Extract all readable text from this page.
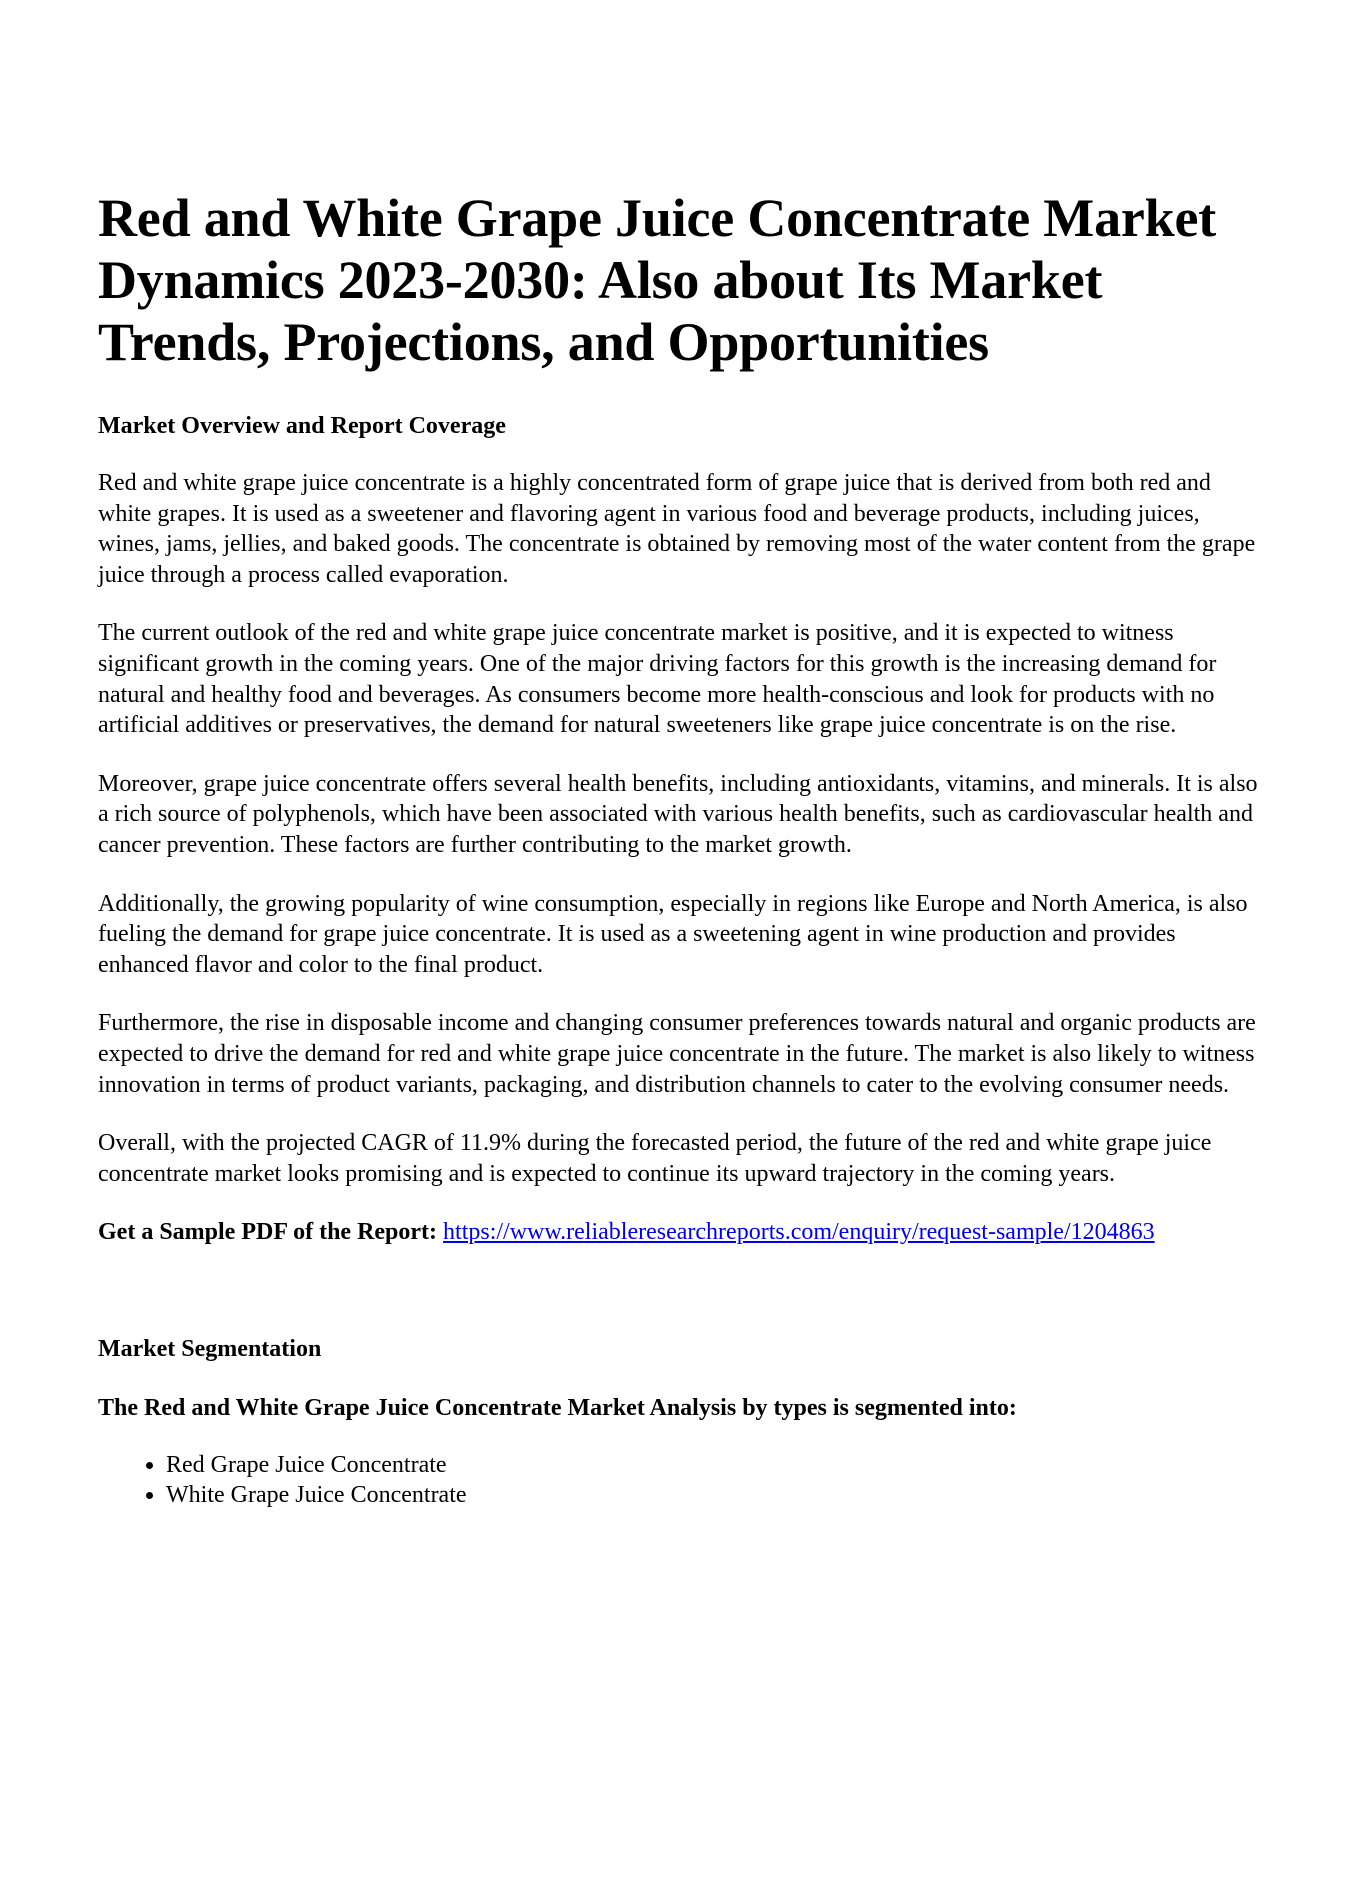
Red and White Grape Juice Concentrate Market Dynamics 2023-2030: Also about Its Market Trends, Projections, and Opportunities
Market Overview and Report Coverage

Red and white grape juice concentrate is a highly concentrated form of grape juice that is derived from both red and white grapes. It is used as a sweetener and flavoring agent in various food and beverage products, including juices, wines, jams, jellies, and baked goods. The concentrate is obtained by removing most of the water content from the grape juice through a process called evaporation.

The current outlook of the red and white grape juice concentrate market is positive, and it is expected to witness significant growth in the coming years. One of the major driving factors for this growth is the increasing demand for natural and healthy food and beverages. As consumers become more health-conscious and look for products with no artificial additives or preservatives, the demand for natural sweeteners like grape juice concentrate is on the rise.

Moreover, grape juice concentrate offers several health benefits, including antioxidants, vitamins, and minerals. It is also a rich source of polyphenols, which have been associated with various health benefits, such as cardiovascular health and cancer prevention. These factors are further contributing to the market growth.

Additionally, the growing popularity of wine consumption, especially in regions like Europe and North America, is also fueling the demand for grape juice concentrate. It is used as a sweetening agent in wine production and provides enhanced flavor and color to the final product.

Furthermore, the rise in disposable income and changing consumer preferences towards natural and organic products are expected to drive the demand for red and white grape juice concentrate in the future. The market is also likely to witness innovation in terms of product variants, packaging, and distribution channels to cater to the evolving consumer needs.

Overall, with the projected CAGR of 11.9% during the forecasted period, the future of the red and white grape juice concentrate market looks promising and is expected to continue its upward trajectory in the coming years.

Get a Sample PDF of the Report: https://www.reliableresearchreports.com/enquiry/request-sample/1204863

Market Segmentation
The Red and White Grape Juice Concentrate Market Analysis by types is segmented into:
• Red Grape Juice Concentrate
• White Grape Juice Concentrate
